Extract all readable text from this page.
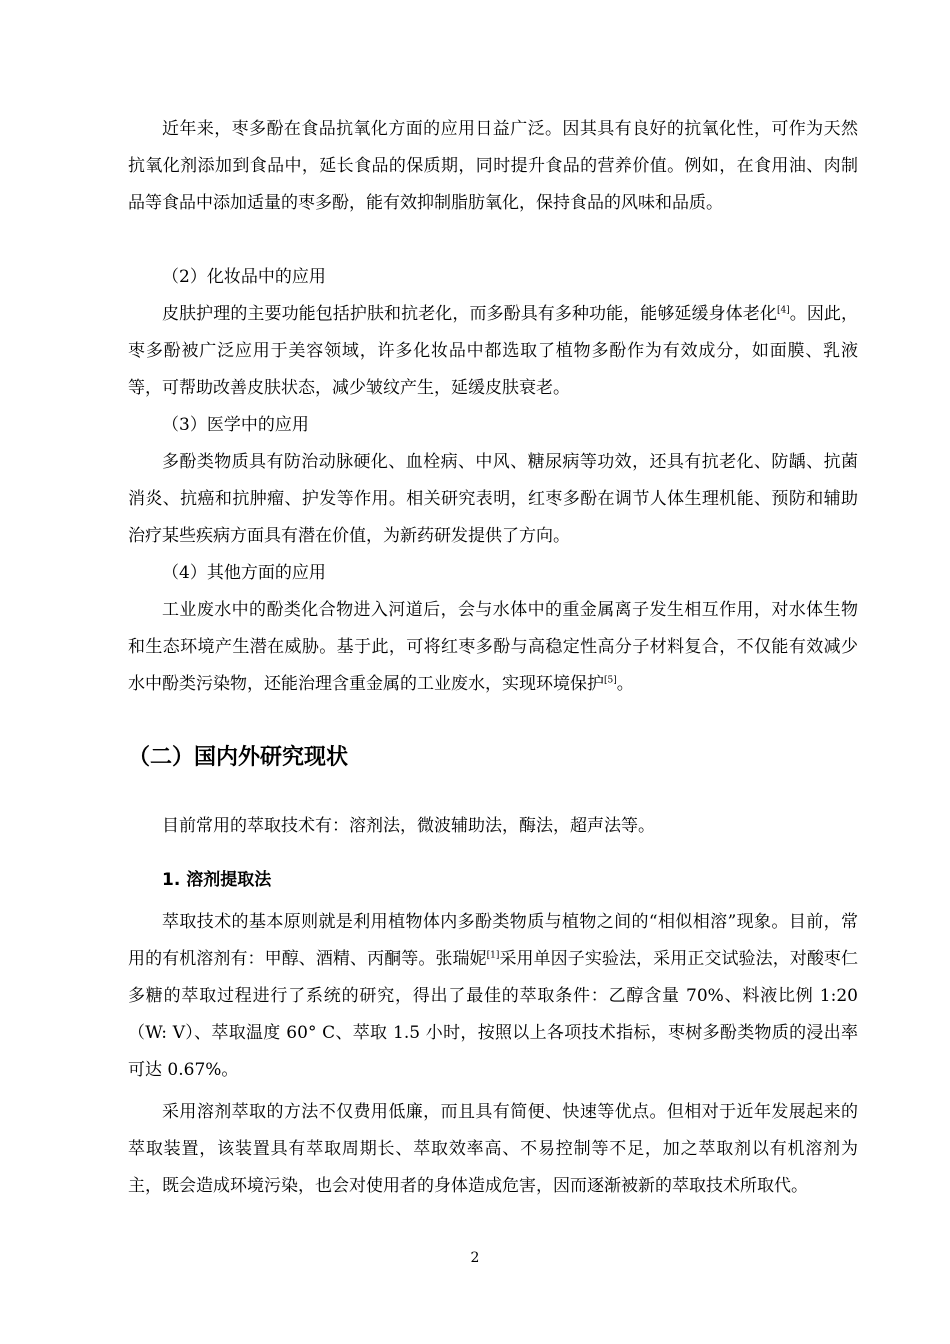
近年来，枣多酚在食品抗氧化方面的应用日益广泛。因其具有良好的抗氧化性，可作为天然抗氧化剂添加到食品中，延长食品的保质期，同时提升食品的营养价值。例如，在食用油、肉制品等食品中添加适量的枣多酚，能有效抑制脂肪氧化，保持食品的风味和品质。

（2）化妆品中的应用

皮肤护理的主要功能包括护肤和抗老化，而多酚具有多种功能，能够延缓身体老化[4]。因此，枣多酚被广泛应用于美容领域，许多化妆品中都选取了植物多酚作为有效成分，如面膜、乳液等，可帮助改善皮肤状态，减少皱纹产生，延缓皮肤衰老。

（3）医学中的应用

多酚类物质具有防治动脉硬化、血栓病、中风、糖尿病等功效，还具有抗老化、防龋、抗菌消炎、抗癌和抗肿瘤、护发等作用。相关研究表明，红枣多酚在调节人体生理机能、预防和辅助治疗某些疾病方面具有潜在价值，为新药研发提供了方向。

（4）其他方面的应用

工业废水中的酚类化合物进入河道后，会与水体中的重金属离子发生相互作用，对水体生物和生态环境产生潜在威胁。基于此，可将红枣多酚与高稳定性高分子材料复合，不仅能有效减少水中酚类污染物，还能治理含重金属的工业废水，实现环境保护[5]。

（二）国内外研究现状

目前常用的萃取技术有：溶剂法，微波辅助法，酶法，超声法等。

1. 溶剂提取法

萃取技术的基本原则就是利用植物体内多酚类物质与植物之间的“相似相溶”现象。目前，常用的有机溶剂有：甲醇、酒精、丙酮等。张瑞妮[1]采用单因子实验法，采用正交试验法，对酸枣仁多糖的萃取过程进行了系统的研究，得出了最佳的萃取条件：乙醇含量 70%、料液比例 1:20 （W: V）、萃取温度 60° C、萃取 1.5 小时，按照以上各项技术指标，枣树多酚类物质的浸出率可达 0.67%。

采用溶剂萃取的方法不仅费用低廉，而且具有简便、快速等优点。但相对于近年发展起来的萃取装置，该装置具有萃取周期长、萃取效率高、不易控制等不足，加之萃取剂以有机溶剂为主，既会造成环境污染，也会对使用者的身体造成危害，因而逐渐被新的萃取技术所取代。

2
